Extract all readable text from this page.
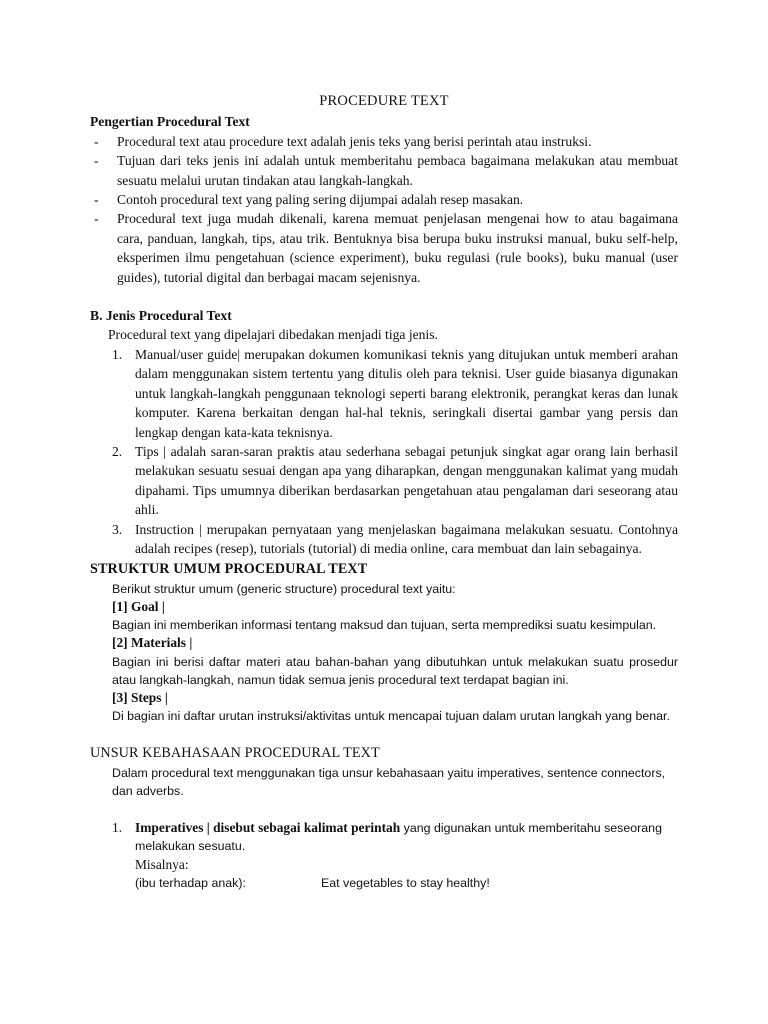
PROCEDURE TEXT
Pengertian Procedural Text
- Procedural text atau procedure text adalah jenis teks yang berisi perintah atau instruksi.
- Tujuan dari teks jenis ini adalah untuk memberitahu pembaca bagaimana melakukan atau membuat sesuatu melalui urutan tindakan atau langkah-langkah.
- Contoh procedural text yang paling sering dijumpai adalah resep masakan.
- Procedural text juga mudah dikenali, karena memuat penjelasan mengenai how to atau bagaimana cara, panduan, langkah, tips, atau trik. Bentuknya bisa berupa buku instruksi manual, buku self-help, eksperimen ilmu pengetahuan (science experiment), buku regulasi (rule books), buku manual (user guides), tutorial digital dan berbagai macam sejenisnya.
B. Jenis Procedural Text
Procedural text yang dipelajari dibedakan menjadi tiga jenis.
1. Manual/user guide| merupakan dokumen komunikasi teknis yang ditujukan untuk memberi arahan dalam menggunakan sistem tertentu yang ditulis oleh para teknisi. User guide biasanya digunakan untuk langkah-langkah penggunaan teknologi seperti barang elektronik, perangkat keras dan lunak komputer. Karena berkaitan dengan hal-hal teknis, seringkali disertai gambar yang persis dan lengkap dengan kata-kata teknisnya.
2. Tips | adalah saran-saran praktis atau sederhana sebagai petunjuk singkat agar orang lain berhasil melakukan sesuatu sesuai dengan apa yang diharapkan, dengan menggunakan kalimat yang mudah dipahami. Tips umumnya diberikan berdasarkan pengetahuan atau pengalaman dari seseorang atau ahli.
3. Instruction | merupakan pernyataan yang menjelaskan bagaimana melakukan sesuatu. Contohnya adalah recipes (resep), tutorials (tutorial) di media online, cara membuat dan lain sebagainya.
STRUKTUR UMUM PROCEDURAL TEXT
Berikut struktur umum (generic structure) procedural text yaitu:
[1] Goal |
Bagian ini memberikan informasi tentang maksud dan tujuan, serta memprediksi suatu kesimpulan.
[2] Materials |
Bagian ini berisi daftar materi atau bahan-bahan yang dibutuhkan untuk melakukan suatu prosedur atau langkah-langkah, namun tidak semua jenis procedural text terdapat bagian ini.
[3] Steps |
Di bagian ini daftar urutan instruksi/aktivitas untuk mencapai tujuan dalam urutan langkah yang benar.
UNSUR KEBAHASAAN PROCEDURAL TEXT
Dalam procedural text menggunakan tiga unsur kebahasaan yaitu imperatives, sentence connectors, dan adverbs.
1. Imperatives | disebut sebagai kalimat perintah yang digunakan untuk memberitahu seseorang melakukan sesuatu.
Misalnya:
(ibu terhadap anak):	Eat vegetables to stay healthy!
